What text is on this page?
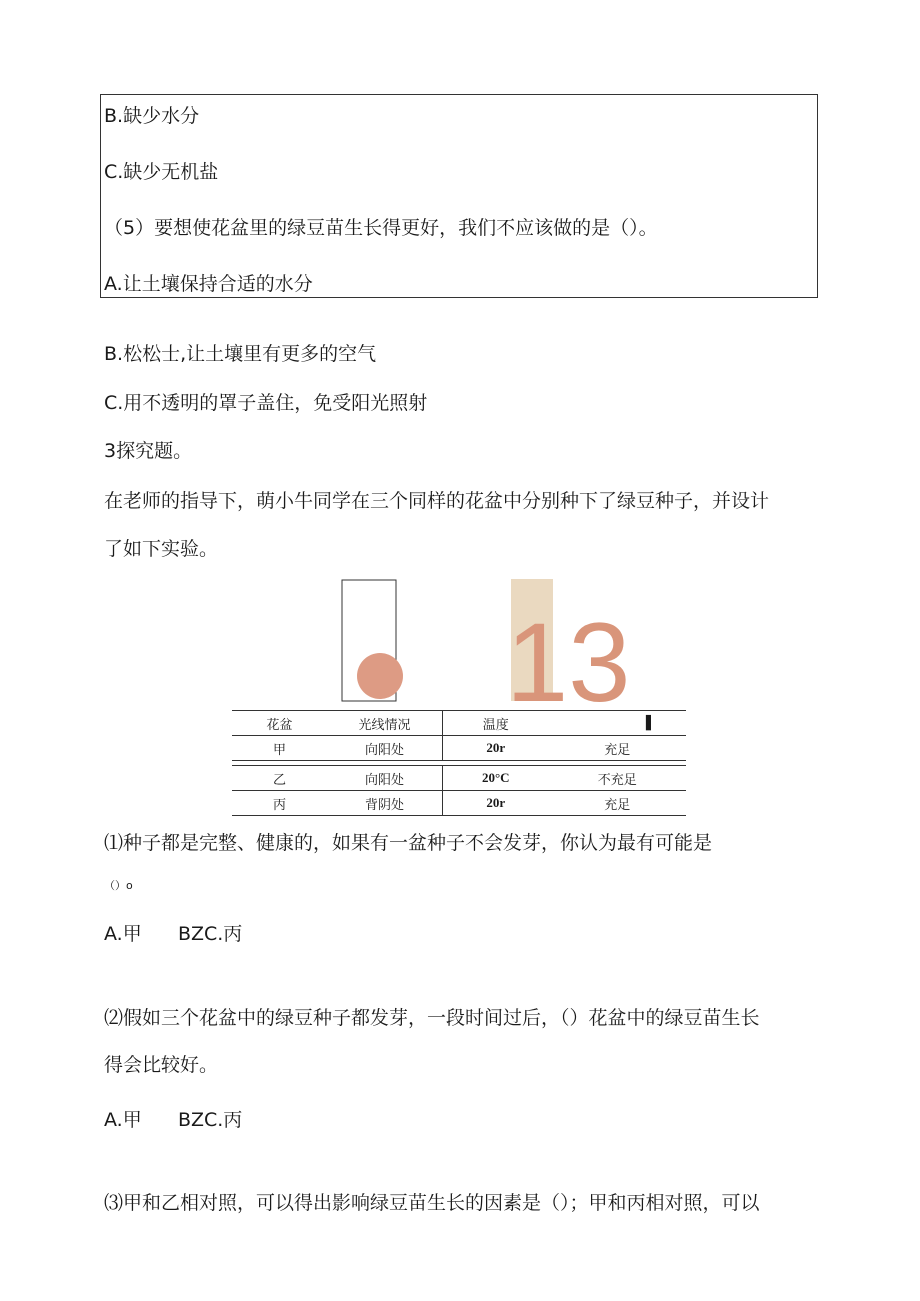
B.缺少水分
C.缺少无机盐
（5）要想使花盆里的绿豆苗生长得更好，我们不应该做的是（）。
A.让土壤保持合适的水分
B.松松士,让土壤里有更多的空气
C.用不透明的罩子盖住，免受阳光照射
3探究题。
在老师的指导下，萌小牛同学在三个同样的花盆中分别种下了绿豆种子，并设计
了如下实验。
13
花盆	光线情况	温度	▌
甲	向阳处	20r	充足

乙	向阳处	20°C	不充足
丙	背阴处	20r	充足
⑴种子都是完整、健康的，如果有一盆种子不会发芽，你认为最有可能是
（）o
A.甲      BZC.丙
⑵假如三个花盆中的绿豆种子都发芽，一段时间过后，（）花盆中的绿豆苗生长
得会比较好。
A.甲      BZC.丙
⑶甲和乙相对照，可以得出影响绿豆苗生长的因素是（）；甲和丙相对照，可以
